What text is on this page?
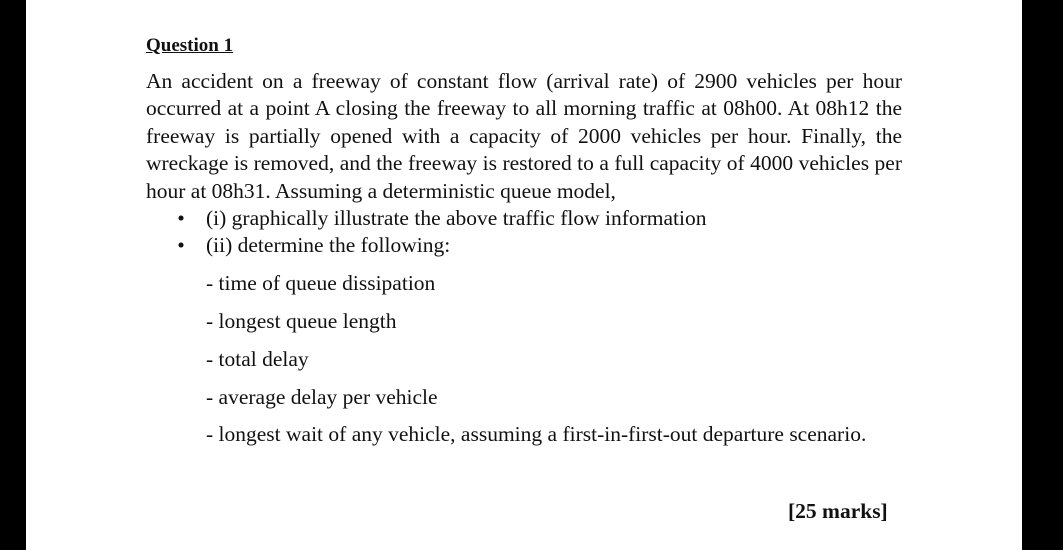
Question 1

An accident on a freeway of constant flow (arrival rate) of 2900 vehicles per hour occurred at a point A closing the freeway to all morning traffic at 08h00. At 08h12 the freeway is partially opened with a capacity of 2000 vehicles per hour. Finally, the wreckage is removed, and the freeway is restored to a full capacity of 4000 vehicles per hour at 08h31. Assuming a deterministic queue model,

• (i) graphically illustrate the above traffic flow information
• (ii) determine the following:
- time of queue dissipation
- longest queue length
- total delay
- average delay per vehicle
- longest wait of any vehicle, assuming a first-in-first-out departure scenario.
[25 marks]
